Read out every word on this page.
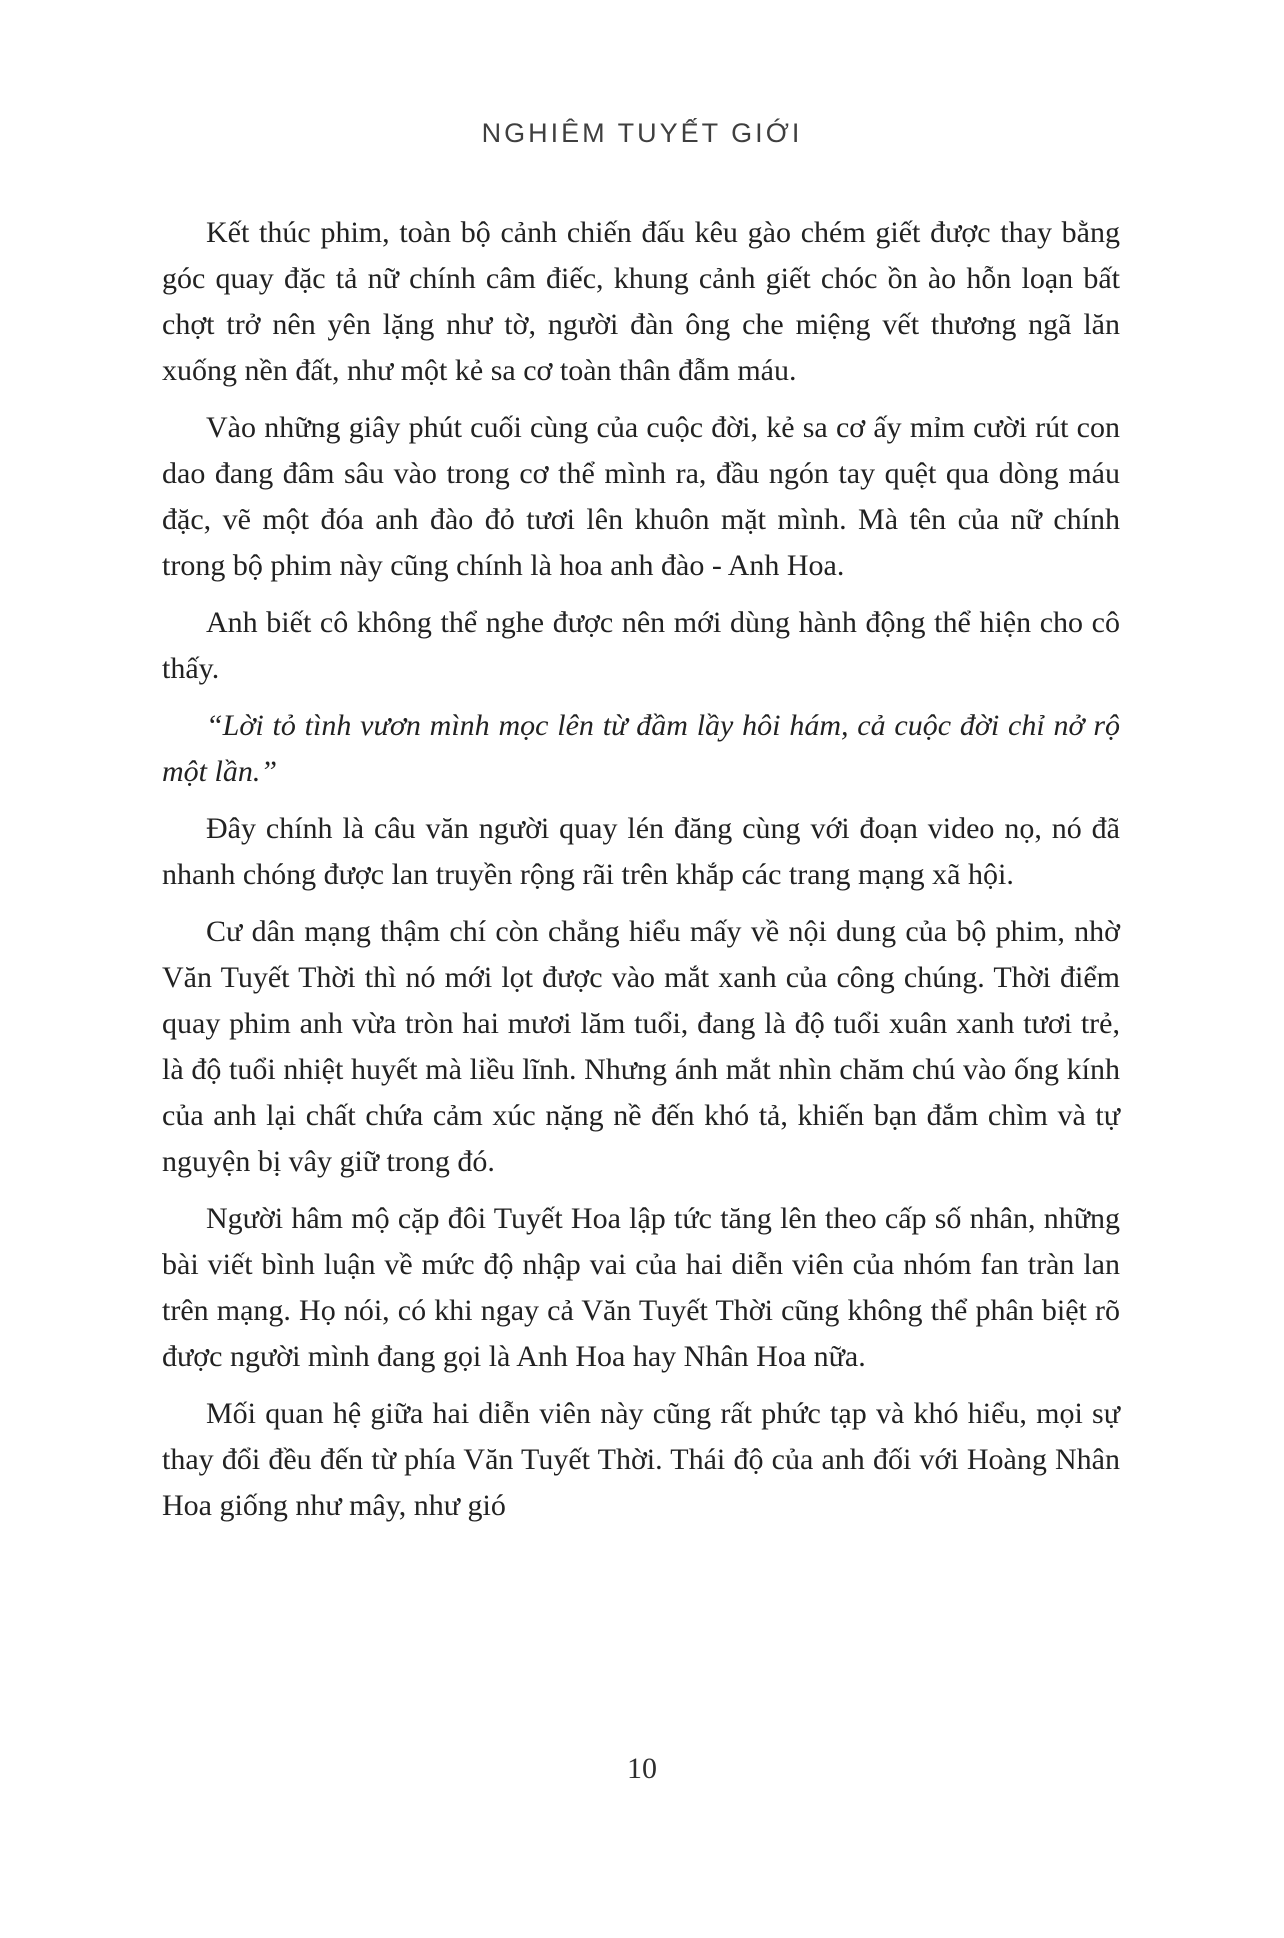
NGHIÊM TUYẾT GIỚI

Kết thúc phim, toàn bộ cảnh chiến đấu kêu gào chém giết được thay bằng góc quay đặc tả nữ chính câm điếc, khung cảnh giết chóc ồn ào hỗn loạn bất chợt trở nên yên lặng như tờ, người đàn ông che miệng vết thương ngã lăn xuống nền đất, như một kẻ sa cơ toàn thân đẫm máu.

Vào những giây phút cuối cùng của cuộc đời, kẻ sa cơ ấy mỉm cười rút con dao đang đâm sâu vào trong cơ thể mình ra, đầu ngón tay quệt qua dòng máu đặc, vẽ một đóa anh đào đỏ tươi lên khuôn mặt mình. Mà tên của nữ chính trong bộ phim này cũng chính là hoa anh đào - Anh Hoa.

Anh biết cô không thể nghe được nên mới dùng hành động thể hiện cho cô thấy.

“Lời tỏ tình vươn mình mọc lên từ đầm lầy hôi hám, cả cuộc đời chỉ nở rộ một lần.”

Đây chính là câu văn người quay lén đăng cùng với đoạn video nọ, nó đã nhanh chóng được lan truyền rộng rãi trên khắp các trang mạng xã hội.

Cư dân mạng thậm chí còn chẳng hiểu mấy về nội dung của bộ phim, nhờ Văn Tuyết Thời thì nó mới lọt được vào mắt xanh của công chúng. Thời điểm quay phim anh vừa tròn hai mươi lăm tuổi, đang là độ tuổi xuân xanh tươi trẻ, là độ tuổi nhiệt huyết mà liều lĩnh. Nhưng ánh mắt nhìn chăm chú vào ống kính của anh lại chất chứa cảm xúc nặng nề đến khó tả, khiến bạn đắm chìm và tự nguyện bị vây giữ trong đó.

Người hâm mộ cặp đôi Tuyết Hoa lập tức tăng lên theo cấp số nhân, những bài viết bình luận về mức độ nhập vai của hai diễn viên của nhóm fan tràn lan trên mạng. Họ nói, có khi ngay cả Văn Tuyết Thời cũng không thể phân biệt rõ được người mình đang gọi là Anh Hoa hay Nhân Hoa nữa.

Mối quan hệ giữa hai diễn viên này cũng rất phức tạp và khó hiểu, mọi sự thay đổi đều đến từ phía Văn Tuyết Thời. Thái độ của anh đối với Hoàng Nhân Hoa giống như mây, như gió

10
